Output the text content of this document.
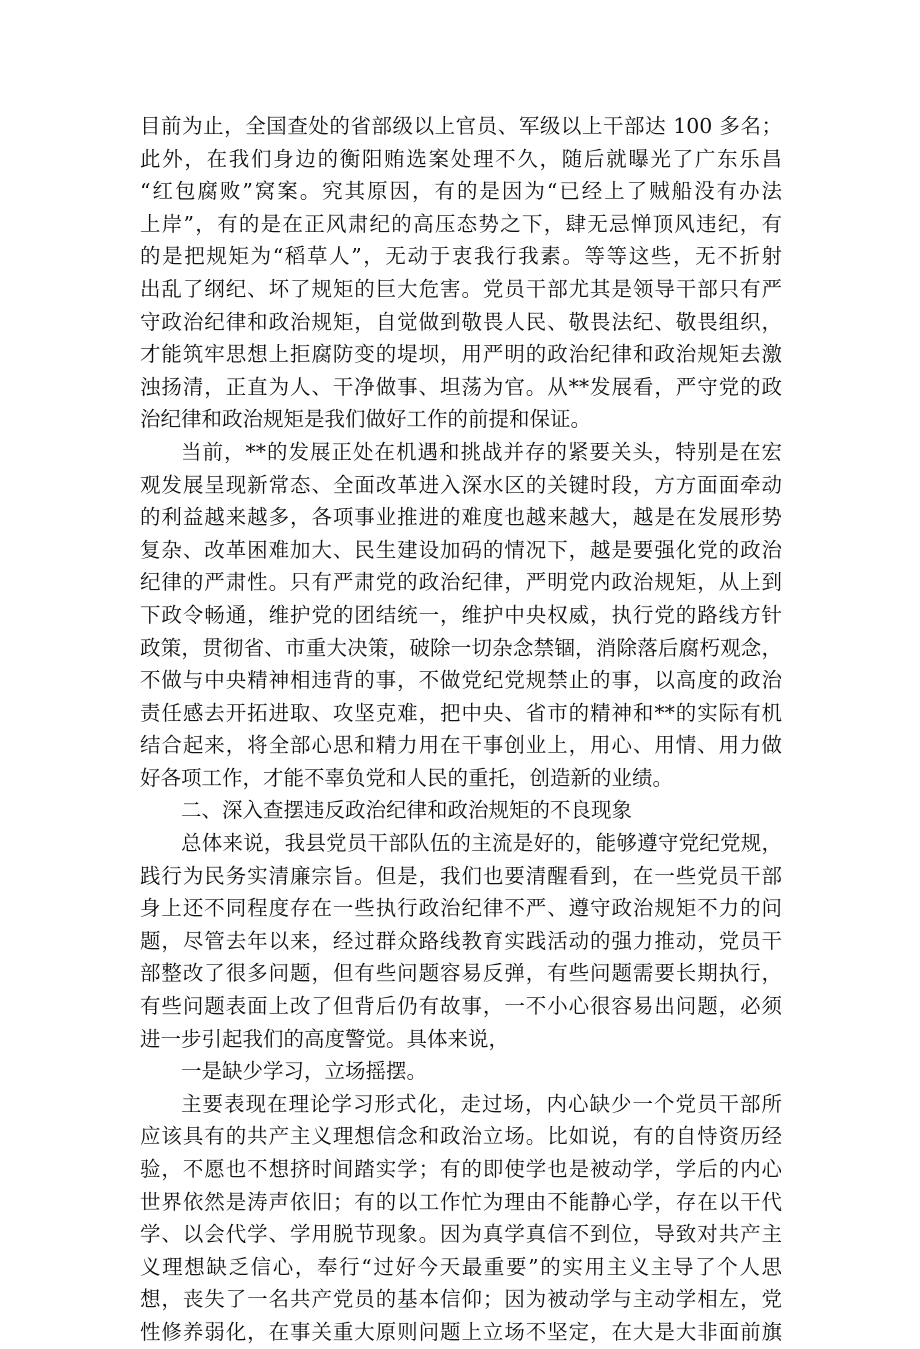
目前为止，全国查处的省部级以上官员、军级以上干部达 100 多名；
此外，在我们身边的衡阳贿选案处理不久，随后就曝光了广东乐昌
“红包腐败”窝案。究其原因，有的是因为“已经上了贼船没有办法
上岸”，有的是在正风肃纪的高压态势之下，肆无忌惮顶风违纪，有
的是把规矩为“稻草人”，无动于衷我行我素。等等这些，无不折射
出乱了纲纪、坏了规矩的巨大危害。党员干部尤其是领导干部只有严
守政治纪律和政治规矩，自觉做到敬畏人民、敬畏法纪、敬畏组织，
才能筑牢思想上拒腐防变的堤坝，用严明的政治纪律和政治规矩去激
浊扬清，正直为人、干净做事、坦荡为官。从**发展看，严守党的政
治纪律和政治规矩是我们做好工作的前提和保证。
当前，**的发展正处在机遇和挑战并存的紧要关头，特别是在宏
观发展呈现新常态、全面改革进入深水区的关键时段，方方面面牵动
的利益越来越多，各项事业推进的难度也越来越大，越是在发展形势
复杂、改革困难加大、民生建设加码的情况下，越是要强化党的政治
纪律的严肃性。只有严肃党的政治纪律，严明党内政治规矩，从上到
下政令畅通，维护党的团结统一，维护中央权威，执行党的路线方针
政策，贯彻省、市重大决策，破除一切杂念禁锢，消除落后腐朽观念，
不做与中央精神相违背的事，不做党纪党规禁止的事，以高度的政治
责任感去开拓进取、攻坚克难，把中央、省市的精神和**的实际有机
结合起来，将全部心思和精力用在干事创业上，用心、用情、用力做
好各项工作，才能不辜负党和人民的重托，创造新的业绩。
二、深入查摆违反政治纪律和政治规矩的不良现象
总体来说，我县党员干部队伍的主流是好的，能够遵守党纪党规，
践行为民务实清廉宗旨。但是，我们也要清醒看到，在一些党员干部
身上还不同程度存在一些执行政治纪律不严、遵守政治规矩不力的问
题，尽管去年以来，经过群众路线教育实践活动的强力推动，党员干
部整改了很多问题，但有些问题容易反弹，有些问题需要长期执行，
有些问题表面上改了但背后仍有故事，一不小心很容易出问题，必须
进一步引起我们的高度警觉。具体来说，
一是缺少学习，立场摇摆。
主要表现在理论学习形式化，走过场，内心缺少一个党员干部所
应该具有的共产主义理想信念和政治立场。比如说，有的自恃资历经
验，不愿也不想挤时间踏实学；有的即使学也是被动学，学后的内心
世界依然是涛声依旧；有的以工作忙为理由不能静心学，存在以干代
学、以会代学、学用脱节现象。因为真学真信不到位，导致对共产主
义理想缺乏信心，奉行“过好今天最重要”的实用主义主导了个人思
想，丧失了一名共产党员的基本信仰；因为被动学与主动学相左，党
性修养弱化，在事关重大原则问题上立场不坚定，在大是大非面前旗
